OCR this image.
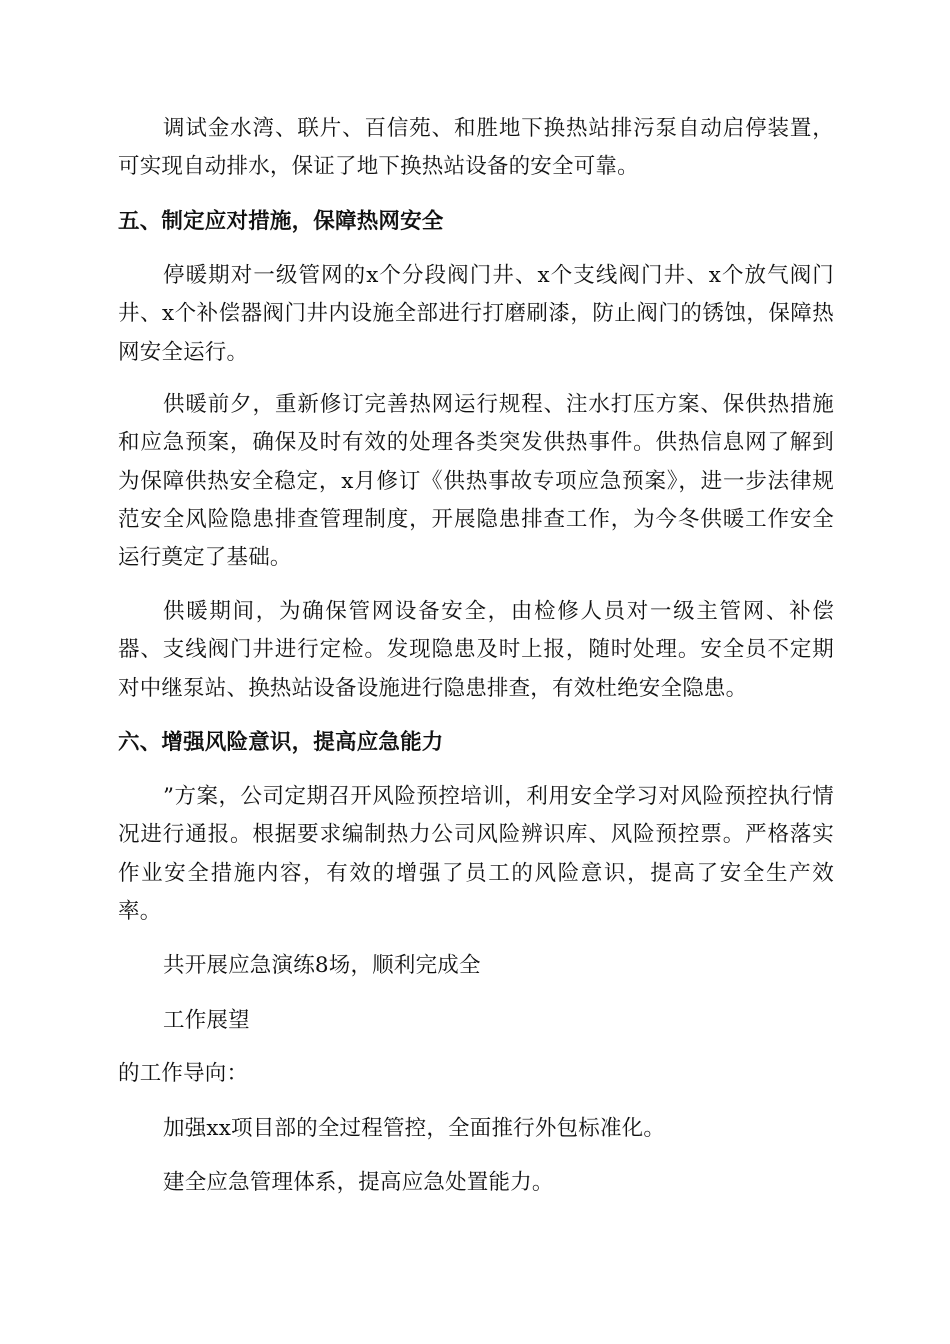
调试金水湾、联片、百信苑、和胜地下换热站排污泵自动启停装置，可实现自动排水，保证了地下换热站设备的安全可靠。

五、制定应对措施，保障热网安全

停暖期对一级管网的x个分段阀门井、x个支线阀门井、x个放气阀门井、x个补偿器阀门井内设施全部进行打磨刷漆，防止阀门的锈蚀，保障热网安全运行。

供暖前夕，重新修订完善热网运行规程、注水打压方案、保供热措施和应急预案，确保及时有效的处理各类突发供热事件。供热信息网了解到为保障供热安全稳定，x月修订《供热事故专项应急预案》，进一步法律规范安全风险隐患排查管理制度，开展隐患排查工作，为今冬供暖工作安全运行奠定了基础。

供暖期间，为确保管网设备安全，由检修人员对一级主管网、补偿器、支线阀门井进行定检。发现隐患及时上报，随时处理。安全员不定期对中继泵站、换热站设备设施进行隐患排查，有效杜绝安全隐患。

六、增强风险意识，提高应急能力

”方案，公司定期召开风险预控培训，利用安全学习对风险预控执行情况进行通报。根据要求编制热力公司风险辨识库、风险预控票。严格落实作业安全措施内容，有效的增强了员工的风险意识，提高了安全生产效率。

共开展应急演练8场，顺利完成全

工作展望

的工作导向：

加强xx项目部的全过程管控，全面推行外包标准化。

建全应急管理体系，提高应急处置能力。
